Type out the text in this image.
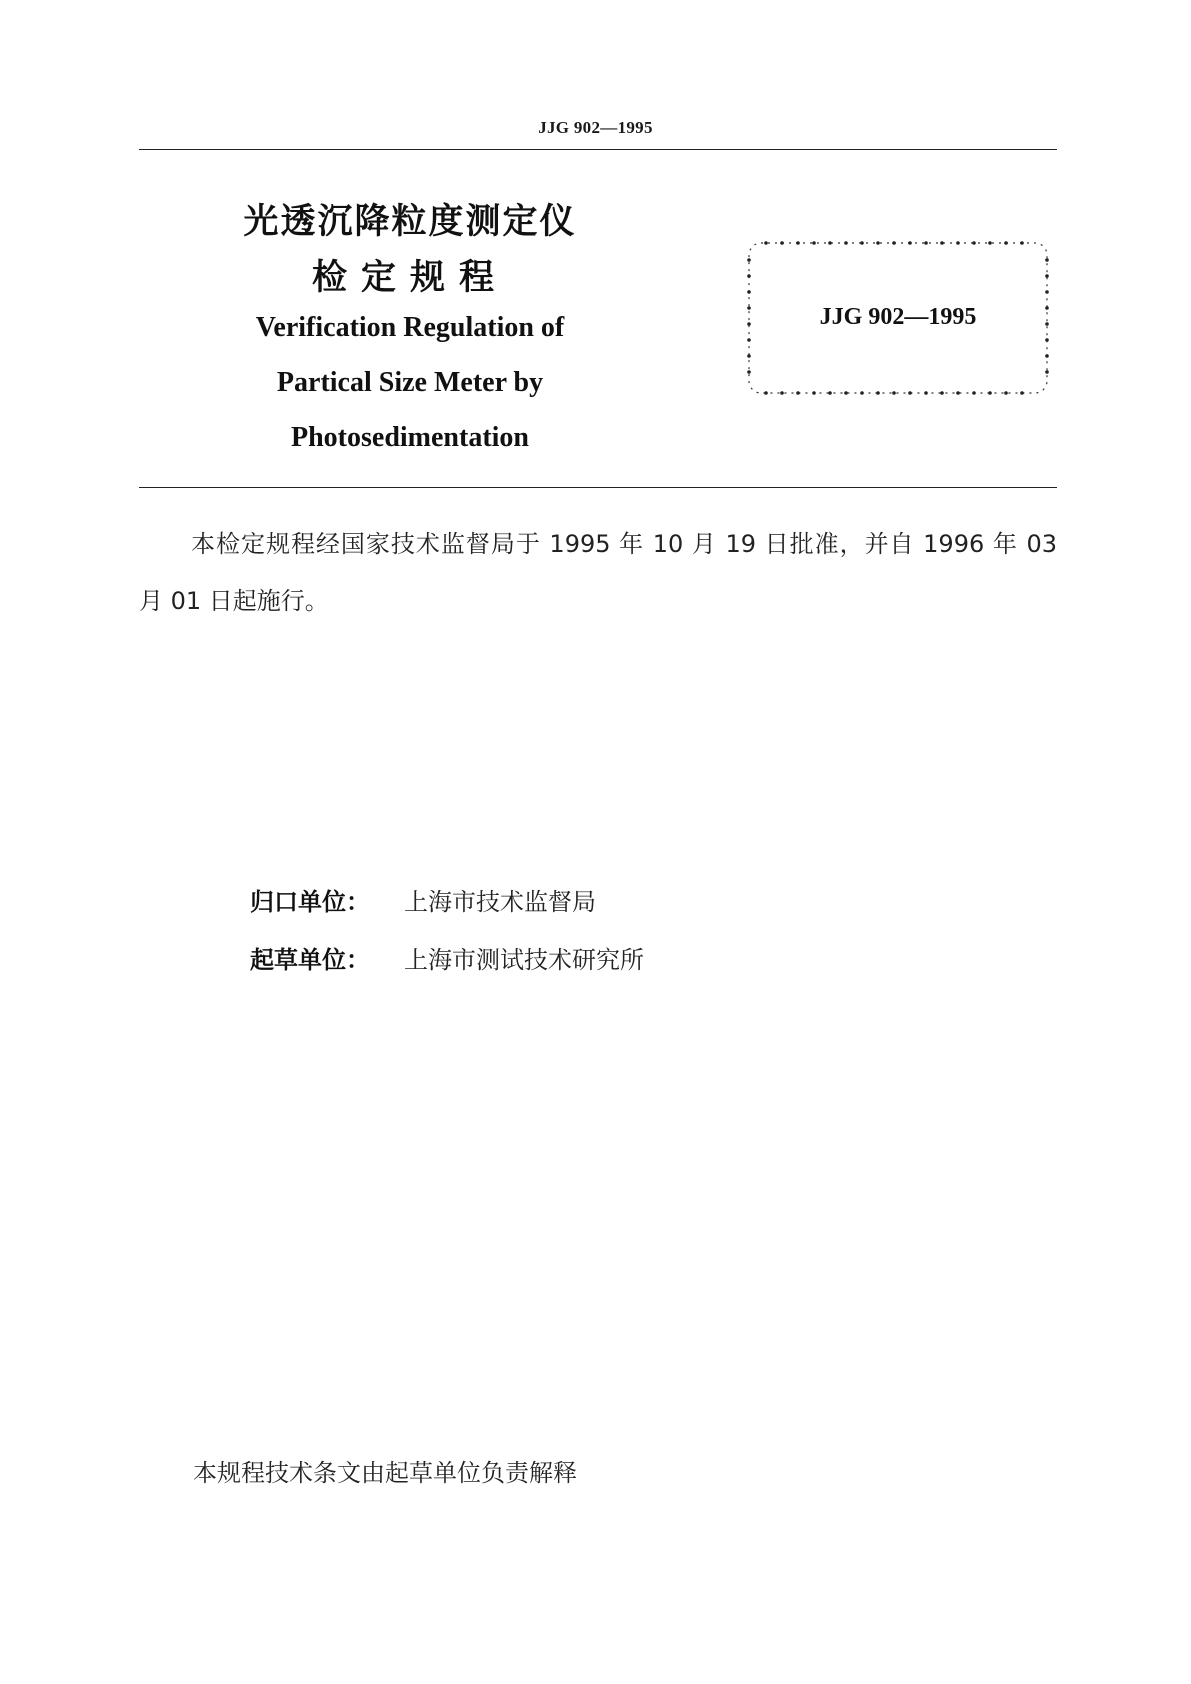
JJG 902—1995
光透沉降粒度测定仪
检定规程
Verification Regulation of
Partical Size Meter by
Photosedimentation
JJG 902—1995
本检定规程经国家技术监督局于 1995 年 10 月 19 日批准，并自 1996 年 03 月 01 日起施行。
归口单位： 上海市技术监督局
起草单位： 上海市测试技术研究所
本规程技术条文由起草单位负责解释
